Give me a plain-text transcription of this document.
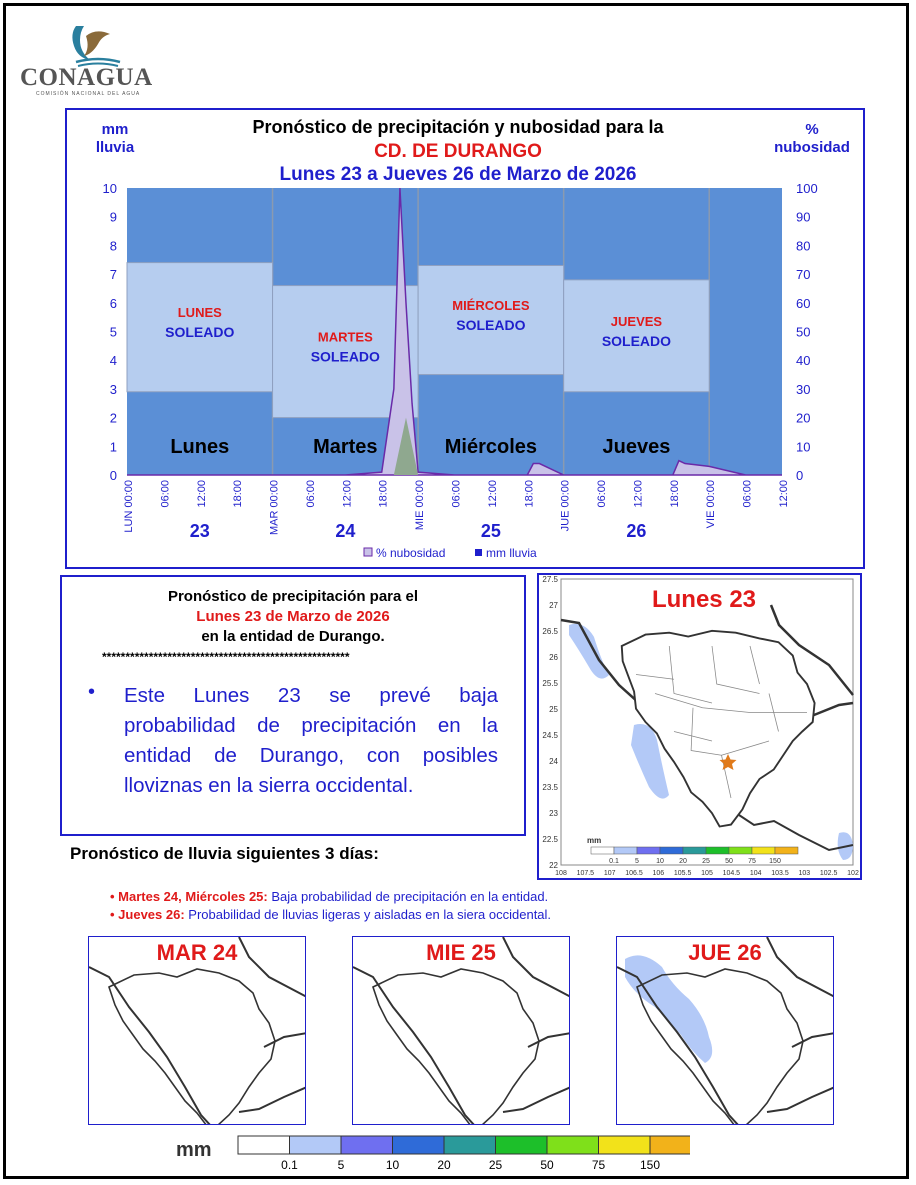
CONAGUA
COMISIÓN NACIONAL DEL AGUA
Pronóstico de precipitación y nubosidad para la
CD. DE DURANGO
Lunes 23 a Jueves 26 de Marzo de 2026
mm
lluvia
%
nubosidad
LUNES
SOLEADO	MARTES
SOLEADO
MIÉRCOLES
SOLEADO	JUEVES
SOLEADO
Lunes	Martes	Miércoles	Jueves
0
1
2
3
4
5
6
7
8
9
10
0
10
20
30
40
50
60
70
80
90
100
LUN 00:00 06:00 12:00 18:00 MAR 00:00 06:00 12:00 18:00 MIE 00:00 06:00 12:00 18:00 JUE 00:00 06:00 12:00 18:00 VIE 00:00 06:00 12:00
23	24	25	26
% nubosidad	mm lluvia
Pronóstico de precipitación para el
Lunes 23 de Marzo de 2026
en la entidad de Durango.
*****************************************************
• Este Lunes 23 se prevé baja probabilidad de precipitación en la entidad de Durango, con posibles lloviznas en la sierra occidental.
Lunes 23
27.5
27
26.5
26
25.5
25
24.5
24
23.5
23
22.5
22
108 107.5 107 106.5 106 105.5 105 104.5 104 103.5 103 102.5 102
mm
0.1 5 10 20 25 50 75 150
Pronóstico de lluvia siguientes 3 días:
• Martes 24, Miércoles 25: Baja probabilidad de precipitación en la entidad.
• Jueves 26: Probabilidad de lluvias ligeras y aisladas en la siera occidental.
MAR 24	MIE 25	JUE 26
mm
0.1	5	10	20	25	50	75	150
